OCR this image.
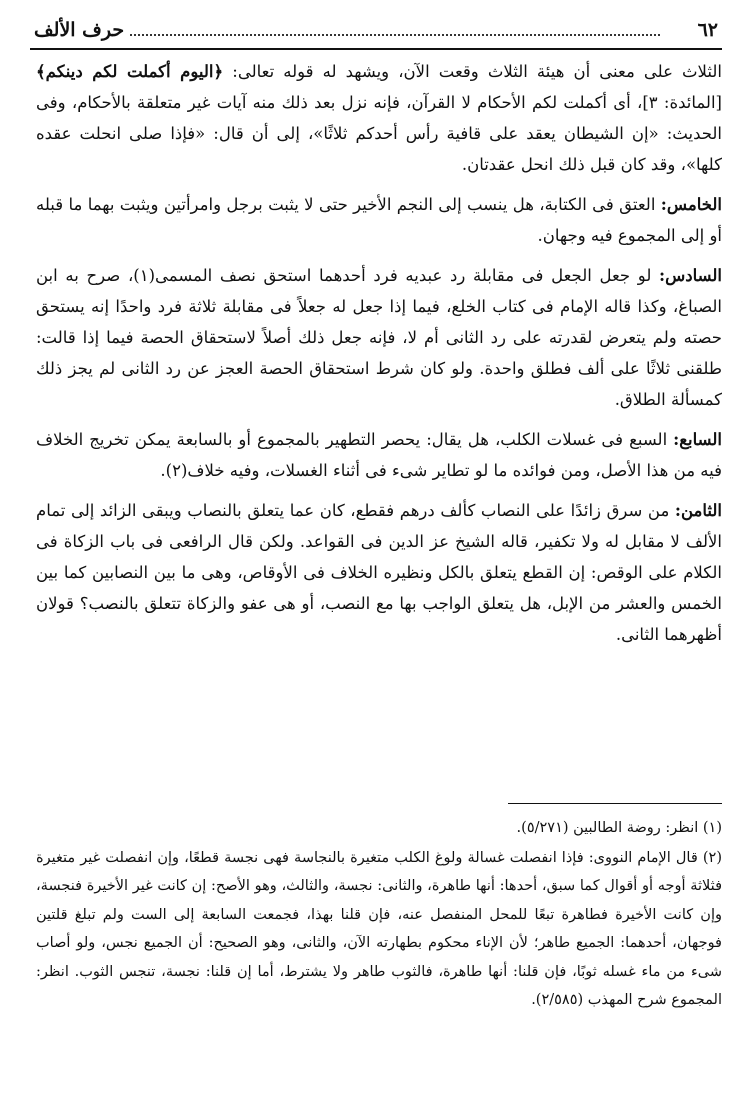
٦٢
حرف الألف

الثلاث على معنى أن هيئة الثلاث وقعت الآن، ويشهد له قوله تعالى: ﴿اليوم أكملت لكم دينكم﴾ [المائدة: ٣]، أى أكملت لكم الأحكام لا القرآن، فإنه نزل بعد ذلك منه آيات غير متعلقة بالأحكام، وفى الحديث: «إن الشيطان يعقد على قافية رأس أحدكم ثلاثًا»، إلى أن قال: «فإذا صلى انحلت عقده كلها»، وقد كان قبل ذلك انحل عقدتان.

الخامس: العتق فى الكتابة، هل ينسب إلى النجم الأخير حتى لا يثبت برجل وامرأتين ويثبت بهما ما قبله أو إلى المجموع فيه وجهان.

السادس: لو جعل الجعل فى مقابلة رد عبديه فرد أحدهما استحق نصف المسمى(١)، صرح به ابن الصباغ، وكذا قاله الإمام فى كتاب الخلع، فيما إذا جعل له جعلاً فى مقابلة ثلاثة فرد واحدًا إنه يستحق حصته ولم يتعرض لقدرته على رد الثانى أم لا، فإنه جعل ذلك أصلاً لاستحقاق الحصة فيما إذا قالت: طلقنى ثلاثًا على ألف فطلق واحدة. ولو كان شرط استحقاق الحصة العجز عن رد الثانى لم يجز ذلك كمسألة الطلاق.

السابع: السبع فى غسلات الكلب، هل يقال: يحصر التطهير بالمجموع أو بالسابعة يمكن تخريج الخلاف فيه من هذا الأصل، ومن فوائده ما لو تطاير شىء فى أثناء الغسلات، وفيه خلاف(٢).

الثامن: من سرق زائدًا على النصاب كألف درهم فقطع، كان عما يتعلق بالنصاب ويبقى الزائد إلى تمام الألف لا مقابل له ولا تكفير، قاله الشيخ عز الدين فى القواعد. ولكن قال الرافعى فى باب الزكاة فى الكلام على الوقص: إن القطع يتعلق بالكل ونظيره الخلاف فى الأوقاص، وهى ما بين النصابين كما بين الخمس والعشر من الإبل، هل يتعلق الواجب بها مع النصب، أو هى عفو والزكاة تتعلق بالنصب؟ قولان أظهرهما الثانى.

(١) انظر: روضة الطالبين (٥/٢٧١).

(٢) قال الإمام النووى: فإذا انفصلت غسالة ولوغ الكلب متغيرة بالنجاسة فهى نجسة قطعًا، وإن انفصلت غير متغيرة فثلاثة أوجه أو أقوال كما سبق، أحدها: أنها طاهرة، والثانى: نجسة، والثالث، وهو الأصح: إن كانت غير الأخيرة فنجسة، وإن كانت الأخيرة فطاهرة تبعًا للمحل المنفصل عنه، فإن قلنا بهذا، فجمعت السابعة إلى الست ولم تبلغ قلتين فوجهان، أحدهما: الجميع طاهر؛ لأن الإناء محكوم بطهارته الآن، والثانى، وهو الصحيح: أن الجميع نجس، ولو أصاب شىء من ماء غسله ثوبًا، فإن قلنا: أنها طاهرة، فالثوب طاهر ولا يشترط، أما إن قلنا: نجسة، تنجس الثوب. انظر: المجموع شرح المهذب (٢/٥٨٥).
